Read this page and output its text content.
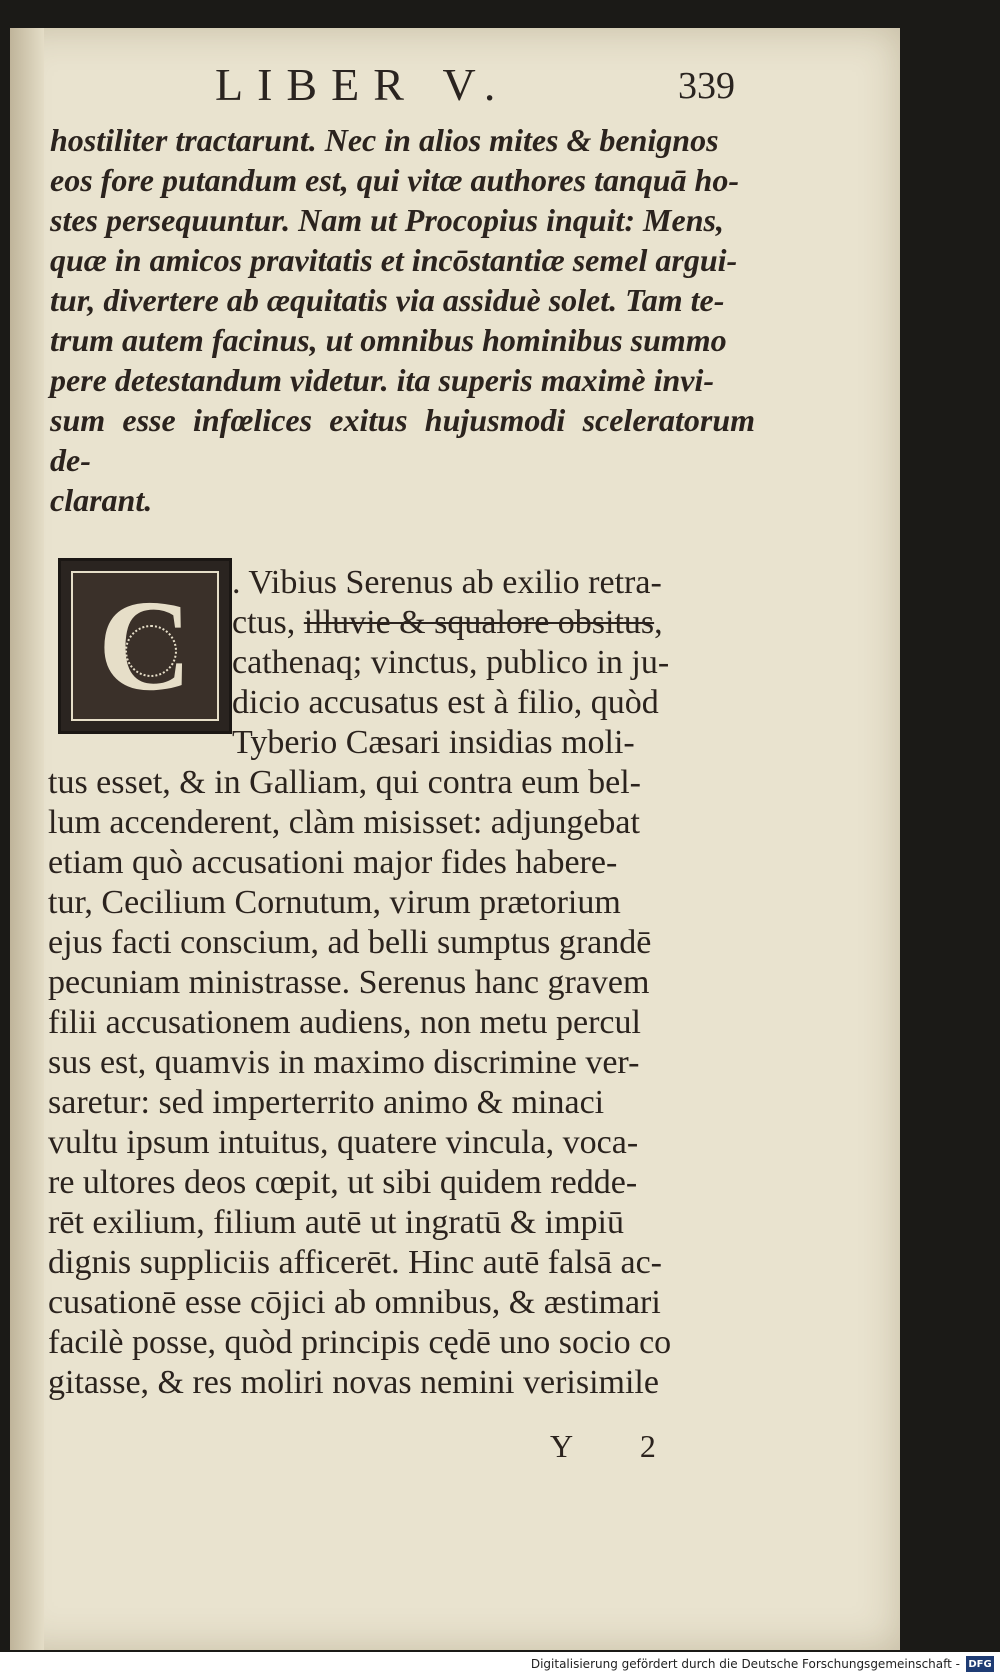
LIBER V.	339
hostiliter tractarunt. Nec in alios mites & benignos
eos fore putandum est, qui vitæ authores tanquā ho-
stes persequuntur. Nam ut Procopius inquit: Mens,
quæ in amicos pravitatis et incōstantiæ semel argui-
tur, divertere ab æquitatis via assiduè solet. Tam te-
trum autem facinus, ut omnibus hominibus summo
pere detestandum videtur. ita superis maximè invi-
sum esse infœlices exitus hujusmodi sceleratorum de-
clarant.
C	. Vibius Serenus ab exilio retra-
ctus, illuvie & squalore obsitus,
cathenaq; vinctus, publico in ju-
dicio accusatus est à filio, quòd
Tyberio Cæsari insidias moli-
tus esset, & in Galliam, qui contra eum bel-
lum accenderent, clàm misisset: adjungebat
etiam quò accusationi major fides habere-
tur, Cecilium Cornutum, virum prætorium
ejus facti conscium, ad belli sumptus grandē
pecuniam ministrasse. Serenus hanc gravem
filii accusationem audiens, non metu percul
sus est, quamvis in maximo discrimine ver-
saretur: sed imperterrito animo & minaci
vultu ipsum intuitus, quatere vincula, voca-
re ultores deos cœpit, ut sibi quidem redde-
rēt exilium, filium autē ut ingratū & impiū
dignis suppliciis afficerēt. Hinc autē falsā ac-
cusationē esse cōjici ab omnibus, & æstimari
facilè posse, quòd principis cędē uno socio co
gitasse, & res moliri novas nemini verisimile
Y 2
Digitalisierung gefördert durch die Deutsche Forschungsgemeinschaft - DFG
